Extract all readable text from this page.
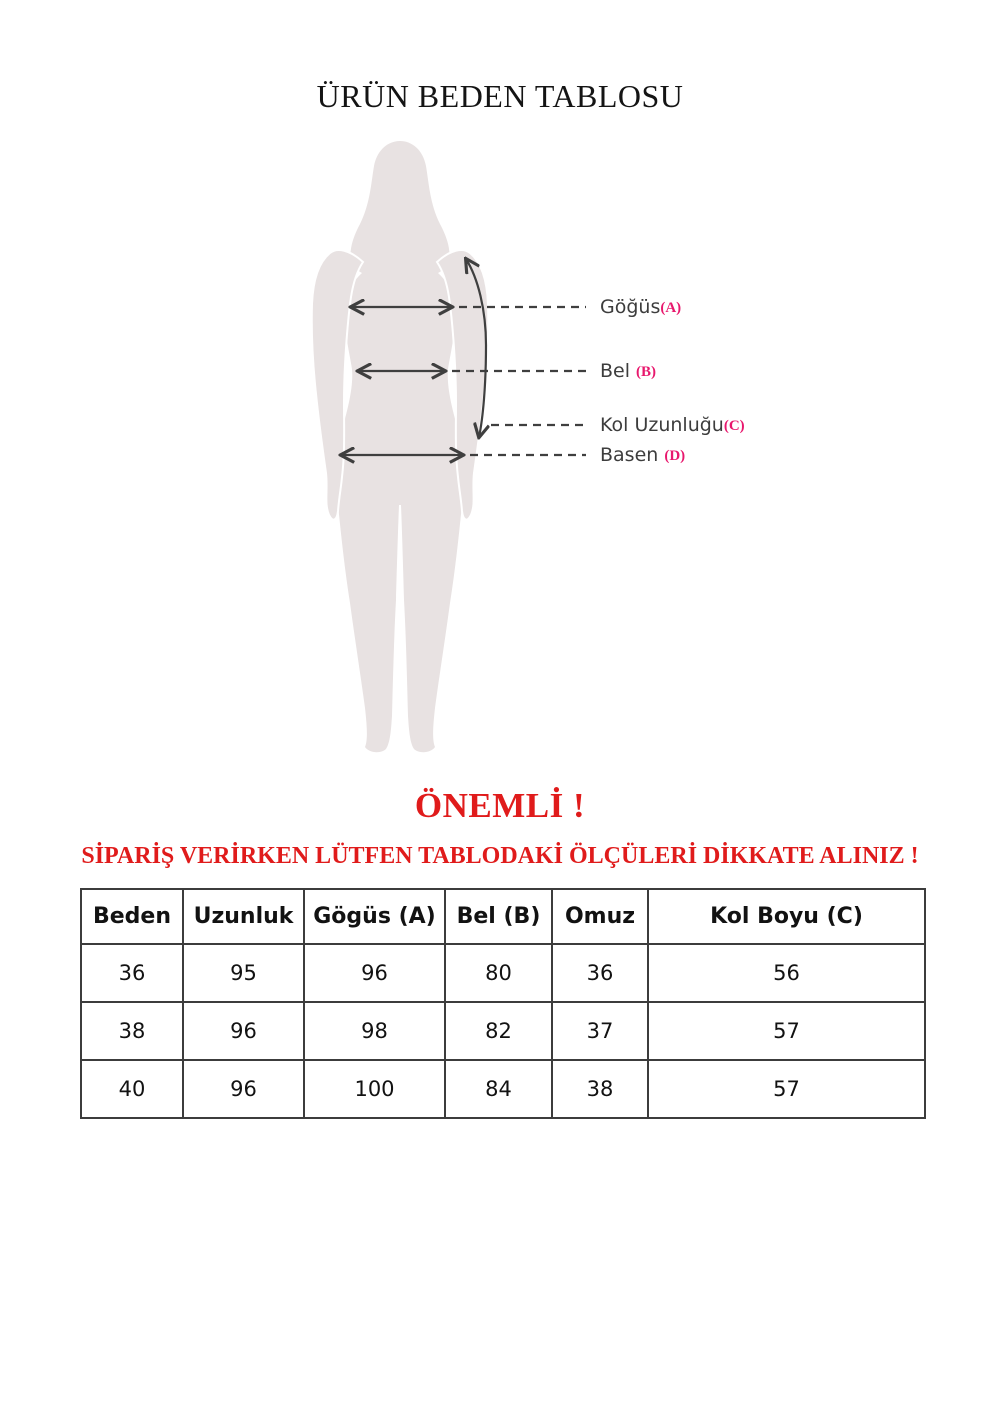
ÜRÜN BEDEN TABLOSU
Göğüs(A)
Bel (B)
Kol Uzunluğu(C)
Basen (D)
ÖNEMLİ !

SİPARİŞ VERİRKEN LÜTFEN TABLODAKİ ÖLÇÜLERİ DİKKATE ALINIZ !

Beden	Uzunluk	Gögüs (A)	Bel (B)	Omuz	Kol Boyu (C)
36	95	96	80	36	56
38	96	98	82	37	57
40	96	100	84	38	57
